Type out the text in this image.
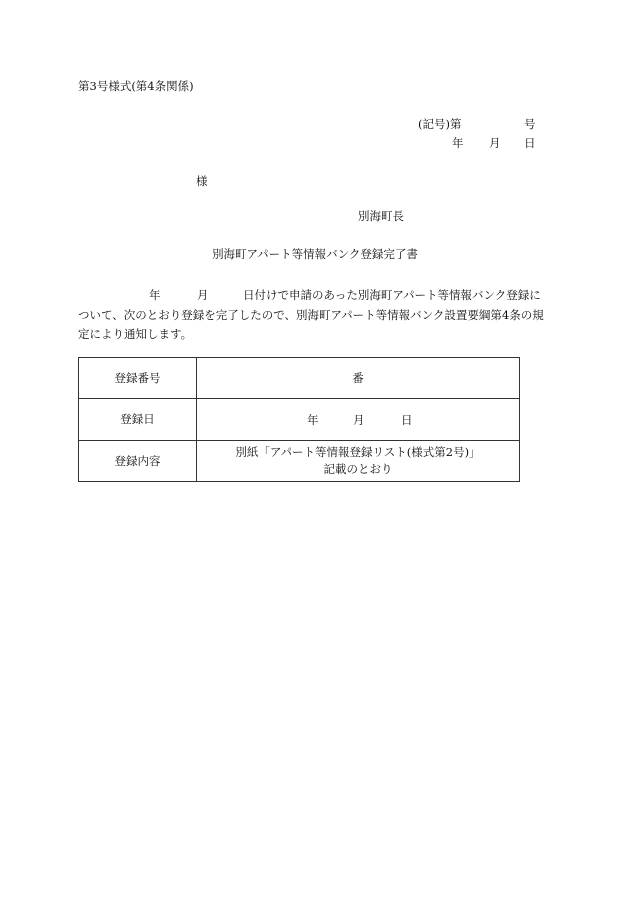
第3号様式(第4条関係)
(記号)第	号
年 月 日
様
別海町長
別海町アパート等情報バンク登録完了書
年	月	日付けで申請のあった別海町アパート等情報バンク登録に
ついて、次のとおり登録を完了したので、別海町アパート等情報バンク設置要綱第4条の規
定により通知します。
登録番号	番
登録日	年 月 日

登録内容	別紙「アパート等情報登録リスト(様式第2号)」
記載のとおり
